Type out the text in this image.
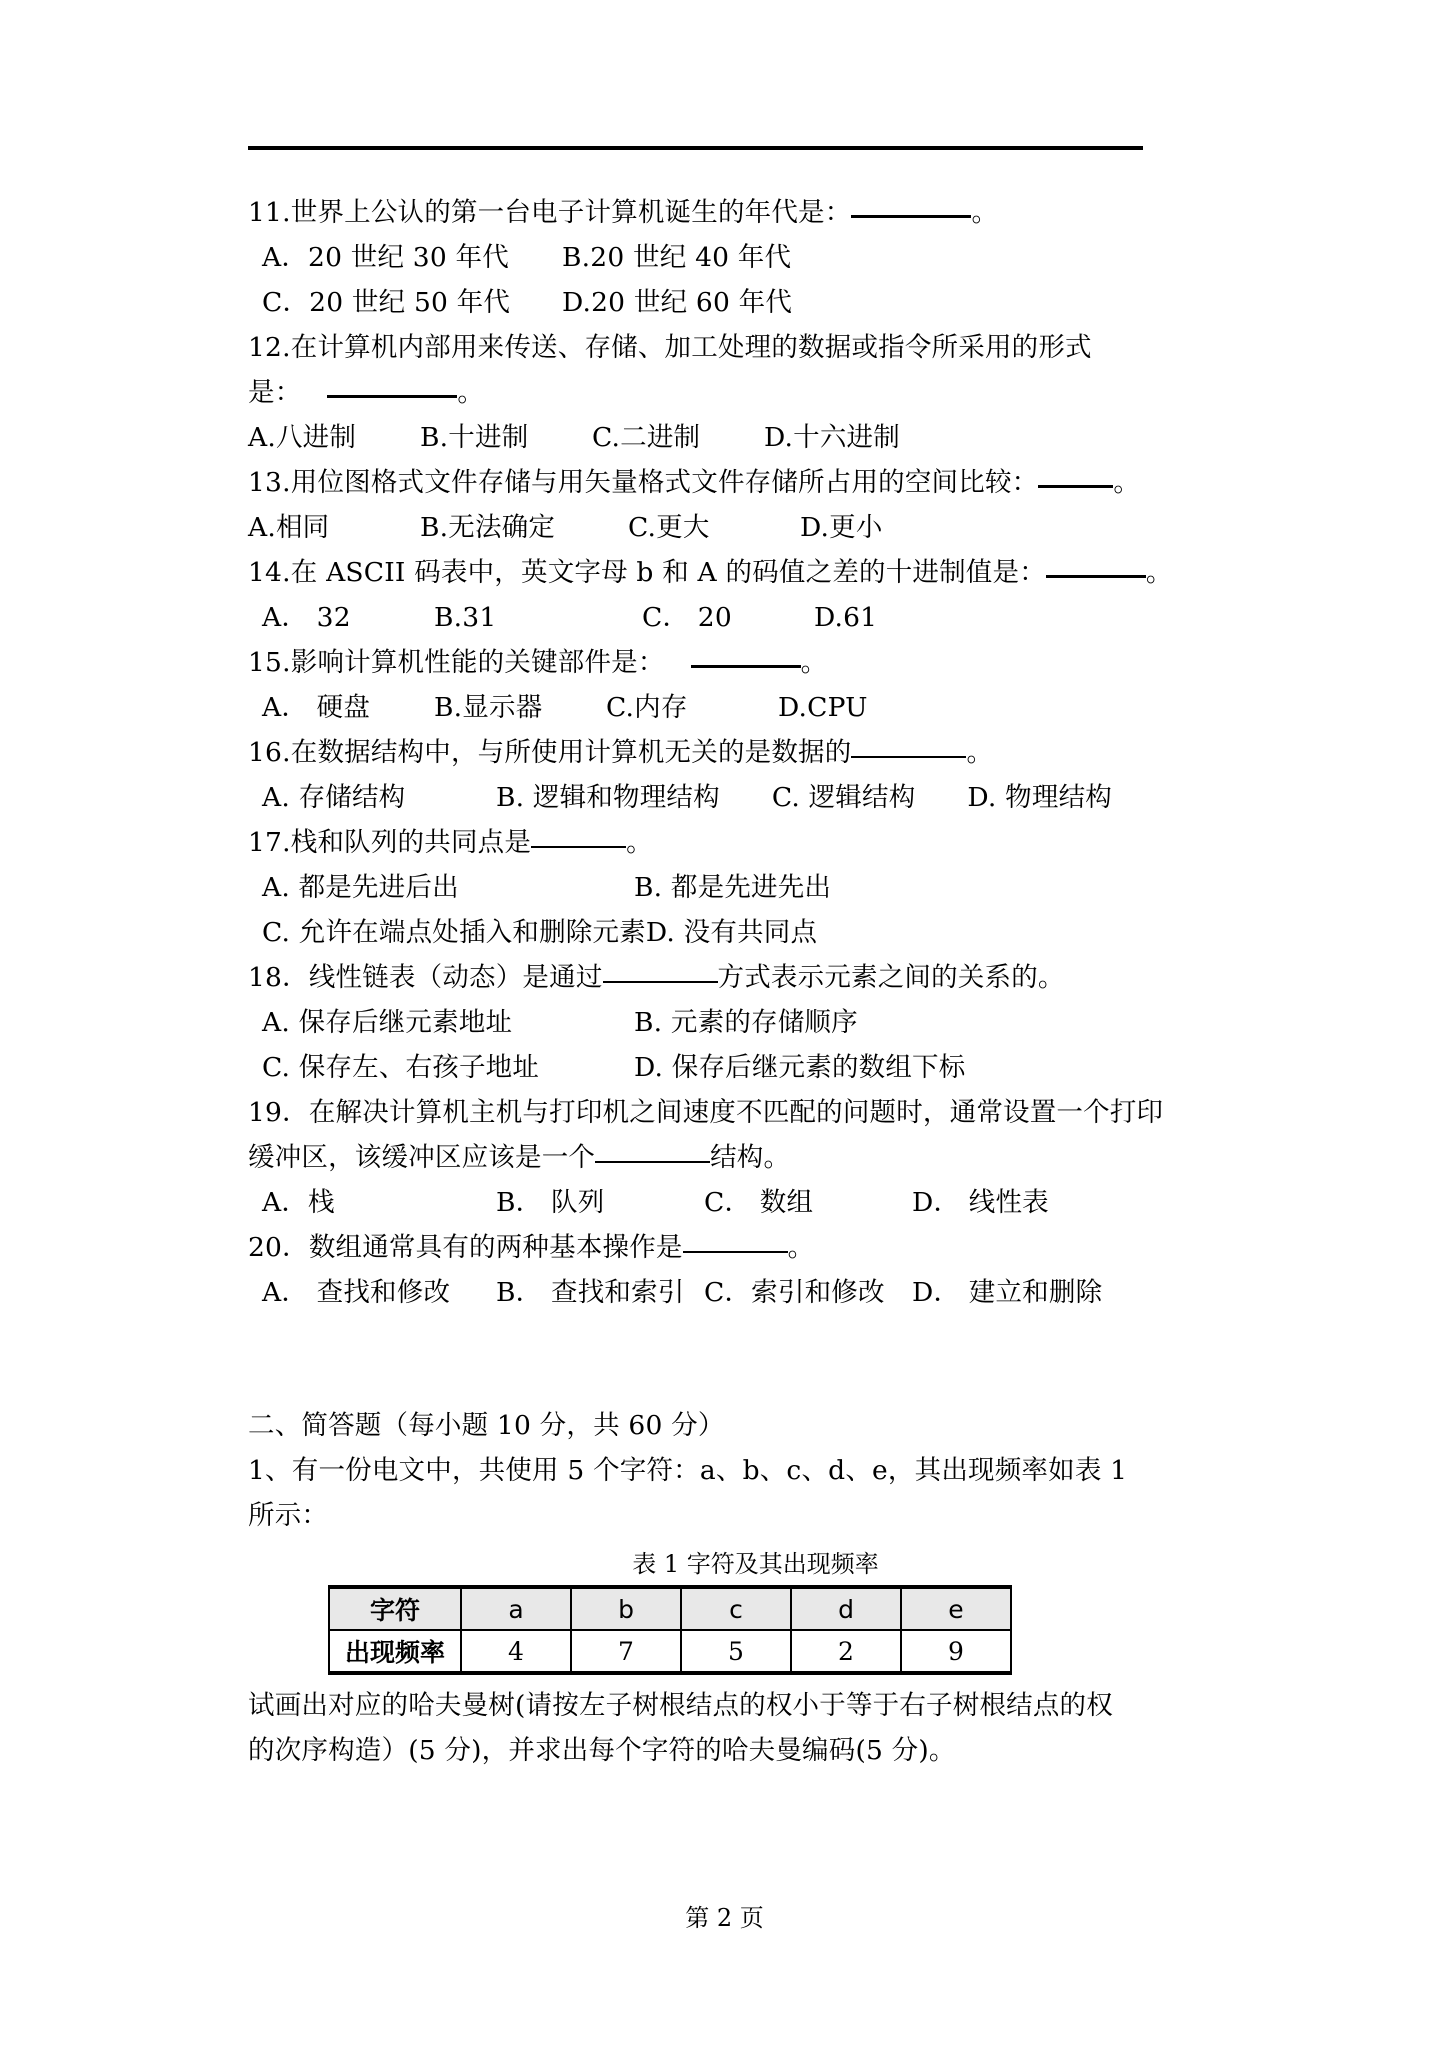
11.世界上公认的第一台电子计算机诞生的年代是：	。
A．20 世纪 30 年代 B.20 世纪 40 年代
C．20 世纪 50 年代 D.20 世纪 60 年代
12.在计算机内部用来传送、存储、加工处理的数据或指令所采用的形式
是：	。
A.八进制 B.十进制 C.二进制 D.十六进制
13.用位图格式文件存储与用矢量格式文件存储所占用的空间比较：	。
A.相同	B.无法确定	C.更大	D.更小
14.在 ASCII 码表中，英文字母 b 和 A 的码值之差的十进制值是：	。
A． 32	B.31	C． 20	D.61
15.影响计算机性能的关键部件是：	。
A． 硬盘 B.显示器 C.内存	D.CPU
16.在数据结构中，与所使用计算机无关的是数据的	。
A. 存储结构	B. 逻辑和物理结构 C. 逻辑结构 D. 物理结构
17.栈和队列的共同点是	。
A. 都是先进后出	B. 都是先进先出
C. 允许在端点处插入和删除元素D. 没有共同点
18．线性链表（动态）是通过	方式表示元素之间的关系的。
A. 保存后继元素地址	B. 元素的存储顺序
C. 保存左、右孩子地址	D. 保存后继元素的数组下标
19．在解决计算机主机与打印机之间速度不匹配的问题时，通常设置一个打印
缓冲区，该缓冲区应该是一个	结构。
A．栈	B． 队列	C． 数组	D． 线性表
20．数组通常具有的两种基本操作是	。
A． 查找和修改 B． 查找和索引 C．索引和修改 D． 建立和删除
二、简答题（每小题 10 分，共 60 分）
1、有一份电文中，共使用 5 个字符：a、b、c、d、e，其出现频率如表 1
所示：
表 1 字符及其出现频率
字符	a	b	c	d	e
出现频率	4	7	5	2	9
试画出对应的哈夫曼树(请按左子树根结点的权小于等于右子树根结点的权
的次序构造）(5 分)，并求出每个字符的哈夫曼编码(5 分)。
第 2 页
